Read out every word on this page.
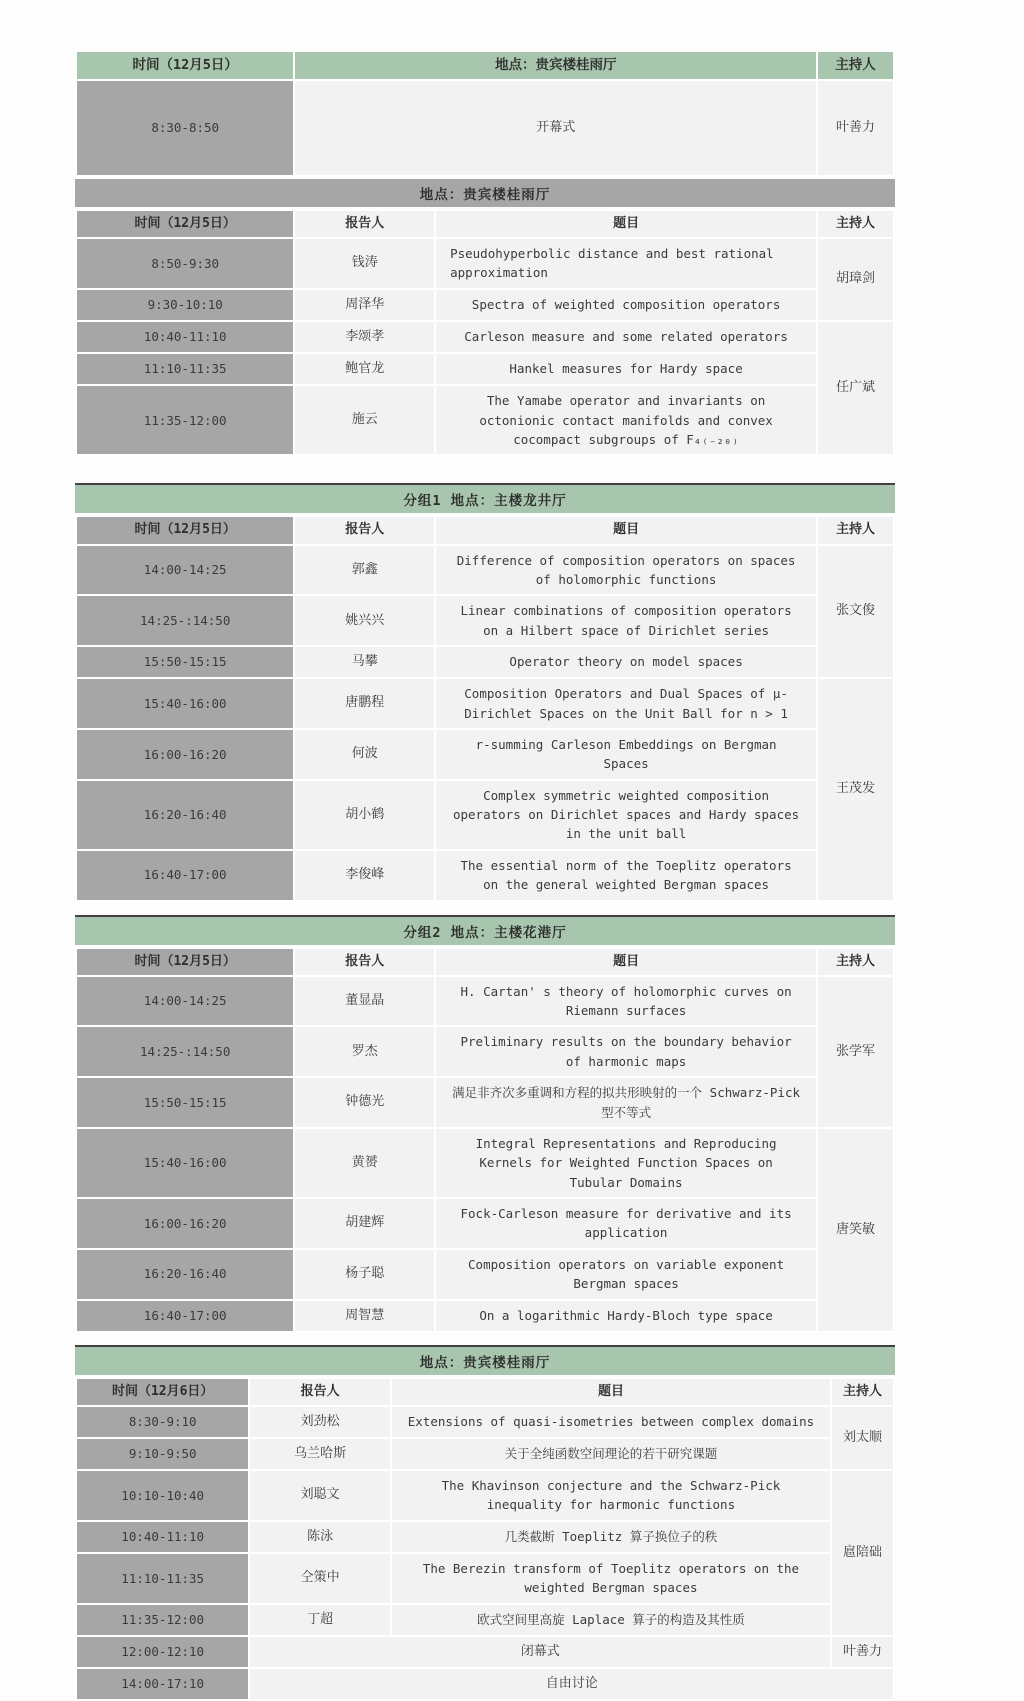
时间（12月5日）	地点：贵宾楼桂雨厅	主持人
8:30-8:50	开幕式	叶善力
地点：贵宾楼桂雨厅
时间（12月5日）	报告人	题目	主持人
8:50-9:30	钱涛	Pseudohyperbolic distance and best rational approximation	胡璋剑
9:30-10:10	周泽华	Spectra of weighted composition operators	
10:40-11:10	李颂孝	Carleson measure and some related operators	任广斌
11:10-11:35	鲍官龙	Hankel measures for Hardy space	
11:35-12:00	施云	The Yamabe operator and invariants on octonionic contact manifolds and convex cocompact subgroups of F₄₍₋₂₀₎	
分组1 地点：主楼龙井厅
时间（12月5日）	报告人	题目	主持人
14:00-14:25	郭鑫	Difference of composition operators on spaces of holomorphic functions	张文俊
14:25-:14:50	姚兴兴	Linear combinations of composition operators on a Hilbert space of Dirichlet series	
15:50-15:15	马攀	Operator theory on model spaces	
15:40-16:00	唐鹏程	Composition Operators and Dual Spaces of μ-Dirichlet Spaces on the Unit Ball for n > 1	王茂发
16:00-16:20	何波	r-summing Carleson Embeddings on Bergman Spaces	
16:20-16:40	胡小鹤	Complex symmetric weighted composition operators on Dirichlet spaces and Hardy spaces in the unit ball	
16:40-17:00	李俊峰	The essential norm of the Toeplitz operators on the general weighted Bergman spaces	
分组2 地点：主楼花港厅
时间（12月5日）	报告人	题目	主持人
14:00-14:25	董显晶	H. Cartan' s theory of holomorphic curves on Riemann surfaces	张学军
14:25-:14:50	罗杰	Preliminary results on the boundary behavior of harmonic maps	
15:50-15:15	钟德光	满足非齐次多重调和方程的拟共形映射的一个 Schwarz-Pick 型不等式	
15:40-16:00	黄赟	Integral Representations and Reproducing Kernels for Weighted Function Spaces on Tubular Domains	唐笑敏
16:00-16:20	胡建辉	Fock-Carleson measure for derivative and its application	
16:20-16:40	杨子聪	Composition operators on variable exponent Bergman spaces	
16:40-17:00	周智慧	On a logarithmic Hardy-Bloch type space	
地点：贵宾楼桂雨厅
时间（12月6日）	报告人	题目	主持人
8:30-9:10	刘劲松	Extensions of quasi-isometries between complex domains	刘太顺
9:10-9:50	乌兰哈斯	关于全纯函数空间理论的若干研究课题	
10:10-10:40	刘聪文	The Khavinson conjecture and the Schwarz-Pick inequality for harmonic functions	扈陪础
10:40-11:10	陈泳	几类截断 Toeplitz 算子换位子的秩	
11:10-11:35	仝策中	The Berezin transform of Toeplitz operators on the weighted Bergman spaces	
11:35-12:00	丁超	欧式空间里高旋 Laplace 算子的构造及其性质	
12:00-12:10	闭幕式		叶善力
14:00-17:10	自由讨论		
